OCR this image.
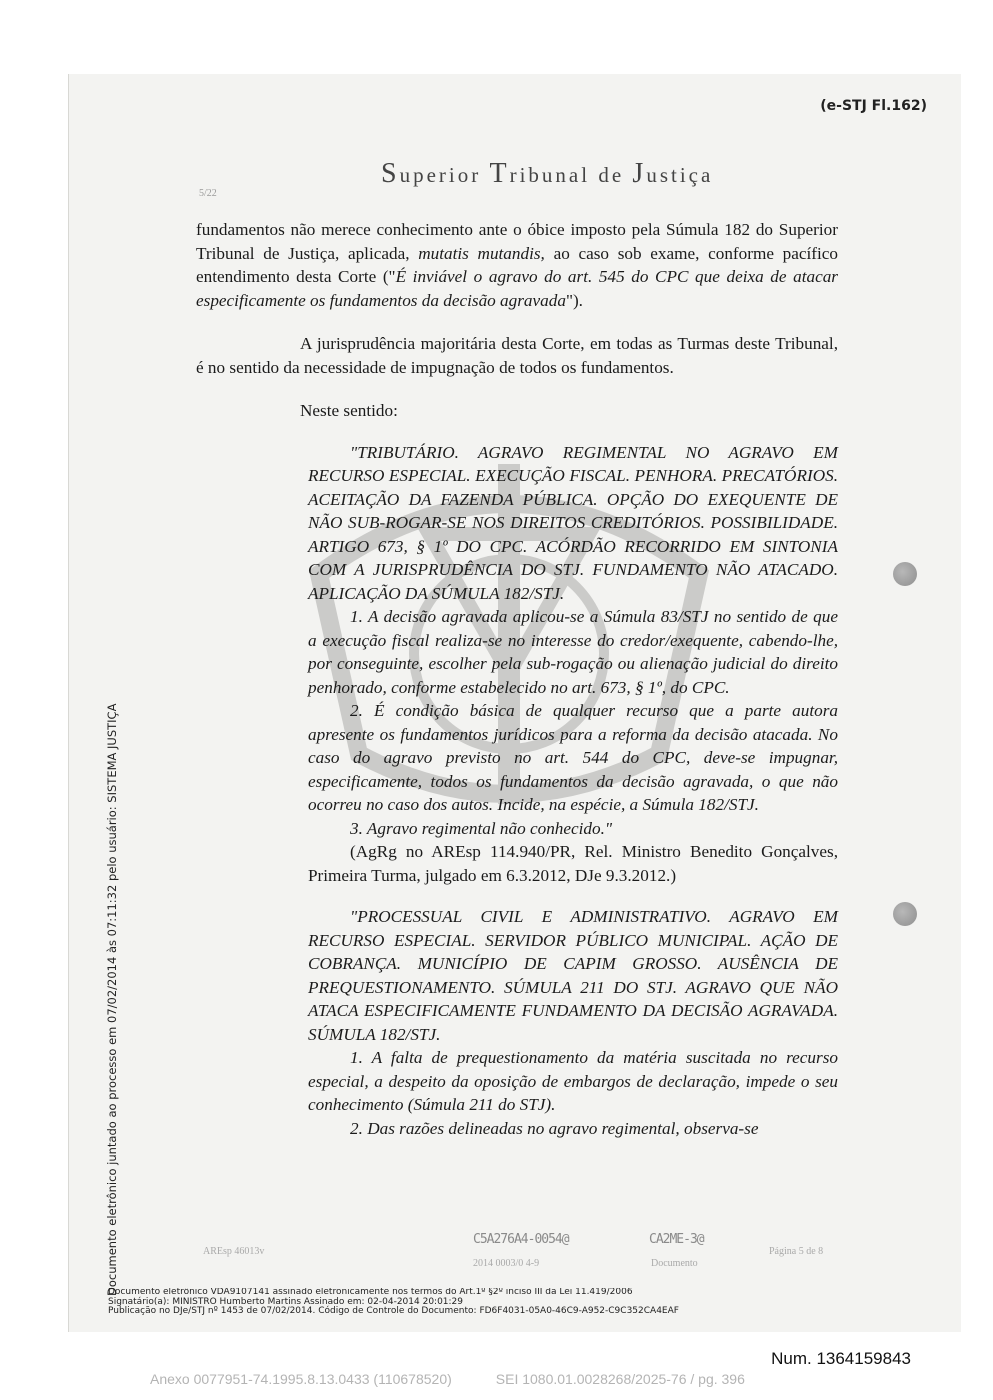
(e-STJ Fl.162)
Superior Tribunal de Justiça
5/22

fundamentos não merece conhecimento ante o óbice imposto pela Súmula 182 do Superior Tribunal de Justiça, aplicada, mutatis mutandis, ao caso sob exame, conforme pacífico entendimento desta Corte ("É inviável o agravo do art. 545 do CPC que deixa de atacar especificamente os fundamentos da decisão agravada").

A jurisprudência majoritária desta Corte, em todas as Turmas deste Tribunal, é no sentido da necessidade de impugnação de todos os fundamentos.

Neste sentido:

"TRIBUTÁRIO. AGRAVO REGIMENTAL NO AGRAVO EM RECURSO ESPECIAL. EXECUÇÃO FISCAL. PENHORA. PRECATÓRIOS. ACEITAÇÃO DA FAZENDA PÚBLICA. OPÇÃO DO EXEQUENTE DE NÃO SUB-ROGAR-SE NOS DIREITOS CREDITÓRIOS. POSSIBILIDADE. ARTIGO 673, § 1º DO CPC. ACÓRDÃO RECORRIDO EM SINTONIA COM A JURISPRUDÊNCIA DO STJ. FUNDAMENTO NÃO ATACADO. APLICAÇÃO DA SÚMULA 182/STJ.

1. A decisão agravada aplicou-se a Súmula 83/STJ no sentido de que a execução fiscal realiza-se no interesse do credor/exequente, cabendo-lhe, por conseguinte, escolher pela sub-rogação ou alienação judicial do direito penhorado, conforme estabelecido no art. 673, § 1º, do CPC.

2. É condição básica de qualquer recurso que a parte autora apresente os fundamentos jurídicos para a reforma da decisão atacada. No caso do agravo previsto no art. 544 do CPC, deve-se impugnar, especificamente, todos os fundamentos da decisão agravada, o que não ocorreu no caso dos autos. Incide, na espécie, a Súmula 182/STJ.

3. Agravo regimental não conhecido."

(AgRg no AREsp 114.940/PR, Rel. Ministro Benedito Gonçalves, Primeira Turma, julgado em 6.3.2012, DJe 9.3.2012.)

"PROCESSUAL CIVIL E ADMINISTRATIVO. AGRAVO EM RECURSO ESPECIAL. SERVIDOR PÚBLICO MUNICIPAL. AÇÃO DE COBRANÇA. MUNICÍPIO DE CAPIM GROSSO. AUSÊNCIA DE PREQUESTIONAMENTO. SÚMULA 211 DO STJ. AGRAVO QUE NÃO ATACA ESPECIFICAMENTE FUNDAMENTO DA DECISÃO AGRAVADA. SÚMULA 182/STJ.

1. A falta de prequestionamento da matéria suscitada no recurso especial, a despeito da oposição de embargos de declaração, impede o seu conhecimento (Súmula 211 do STJ).

2. Das razões delineadas no agravo regimental, observa-se

AREsp 46013v
C5A276A4-0054@
2014 0003/0 4-9
CA2ME-3@
Documento
Página 5 de 8
Documento eletrônico juntado ao processo em 07/02/2014 às 07:11:32 pelo usuário: SISTEMA JUSTIÇA
Documento eletrônico VDA9107141 assinado eletronicamente nos termos do Art.1º §2º inciso III da Lei 11.419/2006
Signatário(a): MINISTRO Humberto Martins Assinado em: 02-04-2014 20:01:29
Publicação no DJe/STJ nº 1453 de 07/02/2014. Código de Controle do Documento: FD6F4031-05A0-46C9-A952-C9C352CA4EAF
Num. 1364159843
Anexo 0077951-74.1995.8.13.0433 (110678520)	SEI 1080.01.0028268/2025-76 / pg. 396
